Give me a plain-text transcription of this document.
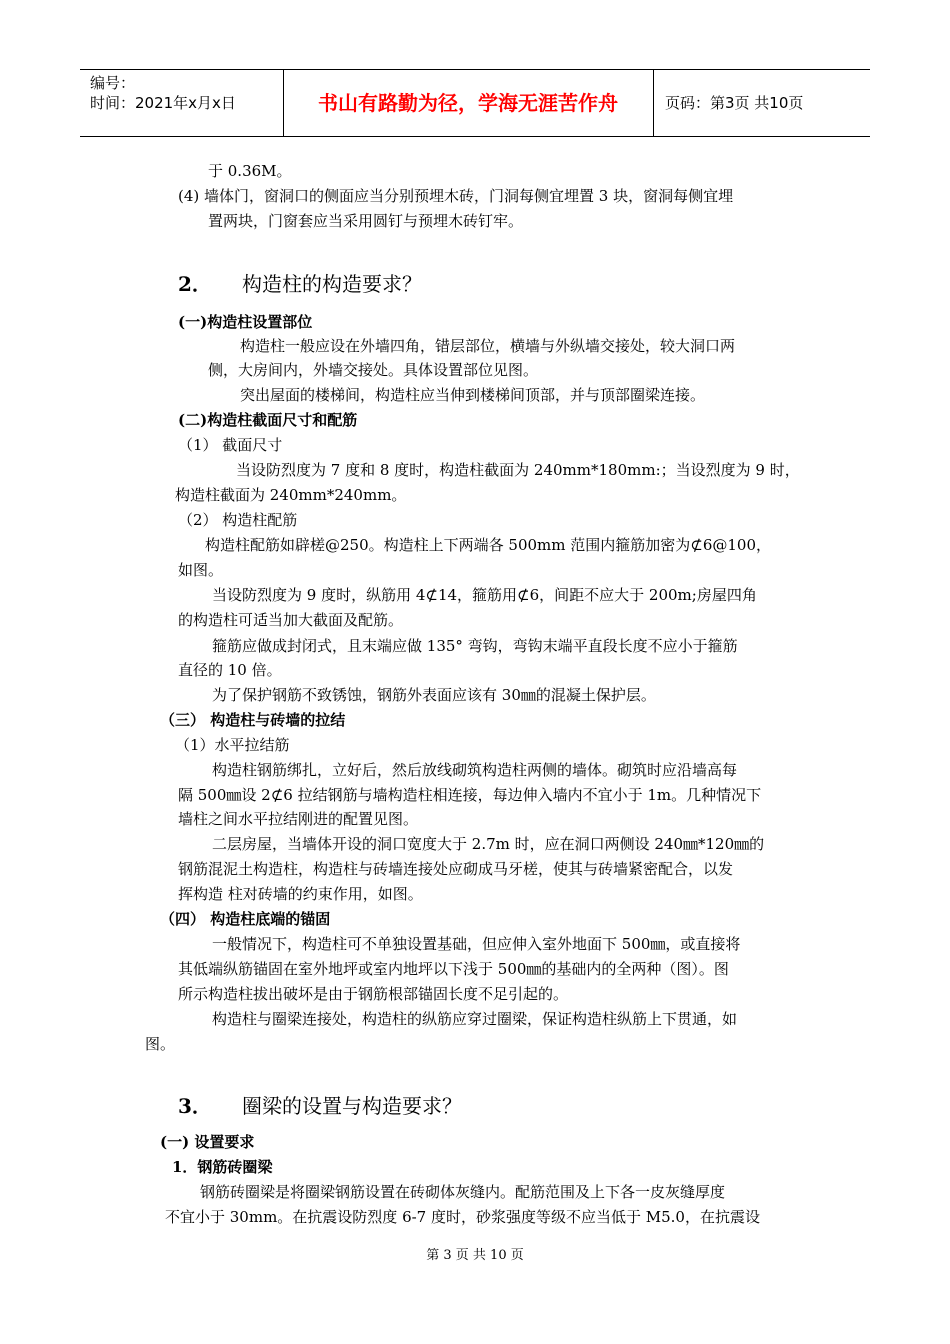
编号：
时间：2021年x月x日	书山有路勤为径，学海无涯苦作舟	页码：第3页 共10页
于 0.36M。
(4) 墙体门，窗洞口的侧面应当分别预埋木砖，门洞每侧宜埋置 3 块，窗洞每侧宜埋
置两块，门窗套应当采用圆钉与预埋木砖钉牢。
2． 构造柱的构造要求？
(一)构造柱设置部位
构造柱一般应设在外墙四角，错层部位，横墙与外纵墙交接处，较大洞口两
侧，大房间内，外墙交接处。具体设置部位见图。
突出屋面的楼梯间，构造柱应当伸到楼梯间顶部，并与顶部圈梁连接。
(二)构造柱截面尺寸和配筋
（1） 截面尺寸
当设防烈度为 7 度和 8 度时，构造柱截面为 240mm*180mm:；当设烈度为 9 时，
构造柱截面为 240mm*240mm。
（2） 构造柱配筋
构造柱配筋如辟槎@250。构造柱上下两端各 500mm 范围内箍筋加密为⊄6@100，
如图。
当设防烈度为 9 度时，纵筋用 4⊄14，箍筋用⊄6，间距不应大于 200m;房屋四角
的构造柱可适当加大截面及配筋。
箍筋应做成封闭式，且末端应做 135° 弯钩，弯钩末端平直段长度不应小于箍筋
直径的 10 倍。
为了保护钢筋不致锈蚀，钢筋外表面应该有 30㎜的混凝土保护层。
（三） 构造柱与砖墙的拉结
（1）水平拉结筋
构造柱钢筋绑扎，立好后，然后放线砌筑构造柱两侧的墙体。砌筑时应沿墙高每
隔 500㎜设 2⊄6 拉结钢筋与墙构造柱相连接，每边伸入墙内不宜小于 1m。几种情况下
墙柱之间水平拉结刚进的配置见图。
二层房屋，当墙体开设的洞口宽度大于 2.7m 时，应在洞口两侧设 240㎜*120㎜的
钢筋混泥土构造柱，构造柱与砖墙连接处应砌成马牙槎，使其与砖墙紧密配合，以发
挥构造 柱对砖墙的约束作用，如图。
（四） 构造柱底端的锚固
一般情况下，构造柱可不单独设置基础，但应伸入室外地面下 500㎜，或直接将
其低端纵筋锚固在室外地坪或室内地坪以下浅于 500㎜的基础内的全两种（图）。图
所示构造柱拔出破坏是由于钢筋根部锚固长度不足引起的。
构造柱与圈梁连接处，构造柱的纵筋应穿过圈梁，保证构造柱纵筋上下贯通，如
图。
3． 圈梁的设置与构造要求？
(一) 设置要求
1．钢筋砖圈梁
钢筋砖圈梁是将圈梁钢筋设置在砖砌体灰缝内。配筋范围及上下各一皮灰缝厚度
不宜小于 30mm。在抗震设防烈度 6-7 度时，砂浆强度等级不应当低于 M5.0，在抗震设
第 3 页 共 10 页
